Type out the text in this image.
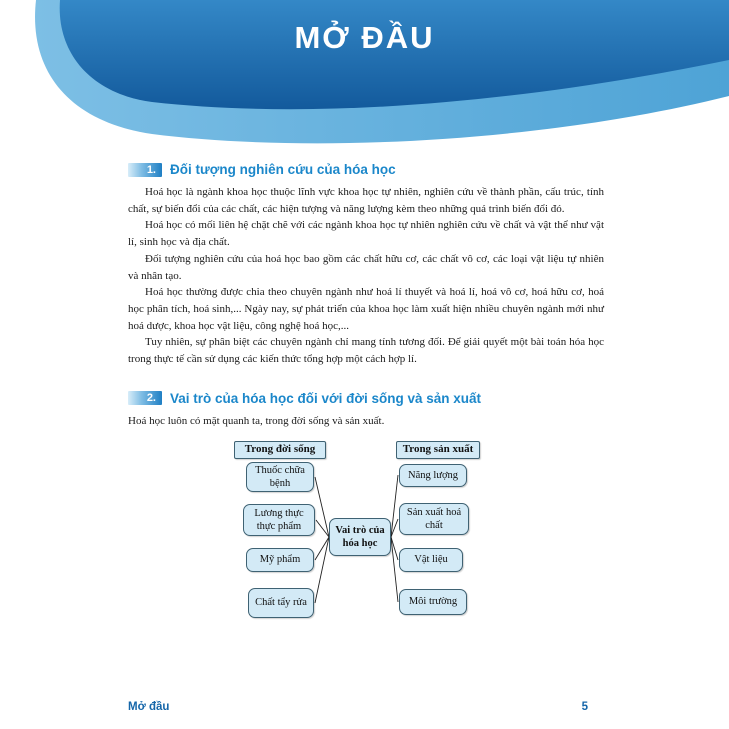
MỞ ĐẦU
1.	Đối tượng nghiên cứu của hóa học

Hoá học là ngành khoa học thuộc lĩnh vực khoa học tự nhiên, nghiên cứu về thành phần, cấu trúc, tính chất, sự biến đổi của các chất, các hiện tượng và năng lượng kèm theo những quá trình biến đổi đó.

Hoá học có mối liên hệ chặt chẽ với các ngành khoa học tự nhiên nghiên cứu về chất và vật thể như vật lí, sinh học và địa chất.

Đối tượng nghiên cứu của hoá học bao gồm các chất hữu cơ, các chất vô cơ, các loại vật liệu tự nhiên và nhân tạo.

Hoá học thường được chia theo chuyên ngành như hoá lí thuyết và hoá lí, hoá vô cơ, hoá hữu cơ, hoá học phân tích, hoá sinh,... Ngày nay, sự phát triển của khoa học làm xuất hiện nhiều chuyên ngành mới như hoá dược, khoa học vật liệu, công nghệ hoá học,...

Tuy nhiên, sự phân biệt các chuyên ngành chỉ mang tính tương đối. Để giải quyết một bài toán hóa học trong thực tế cần sử dụng các kiến thức tổng hợp một cách hợp lí.

2.	Vai trò của hóa học đối với đời sống và sản xuất

Hoá học luôn có mặt quanh ta, trong đời sống và sản xuất.

Trong đời sống	Trong sản xuất
Thuốc chữa bệnh
Lương thực thực phẩm
Mỹ phẩm
Chất tẩy rửa
Vai trò của hóa học
Năng lượng
Sản xuất hoá chất
Vật liệu
Môi trường
Mở đầu	5
